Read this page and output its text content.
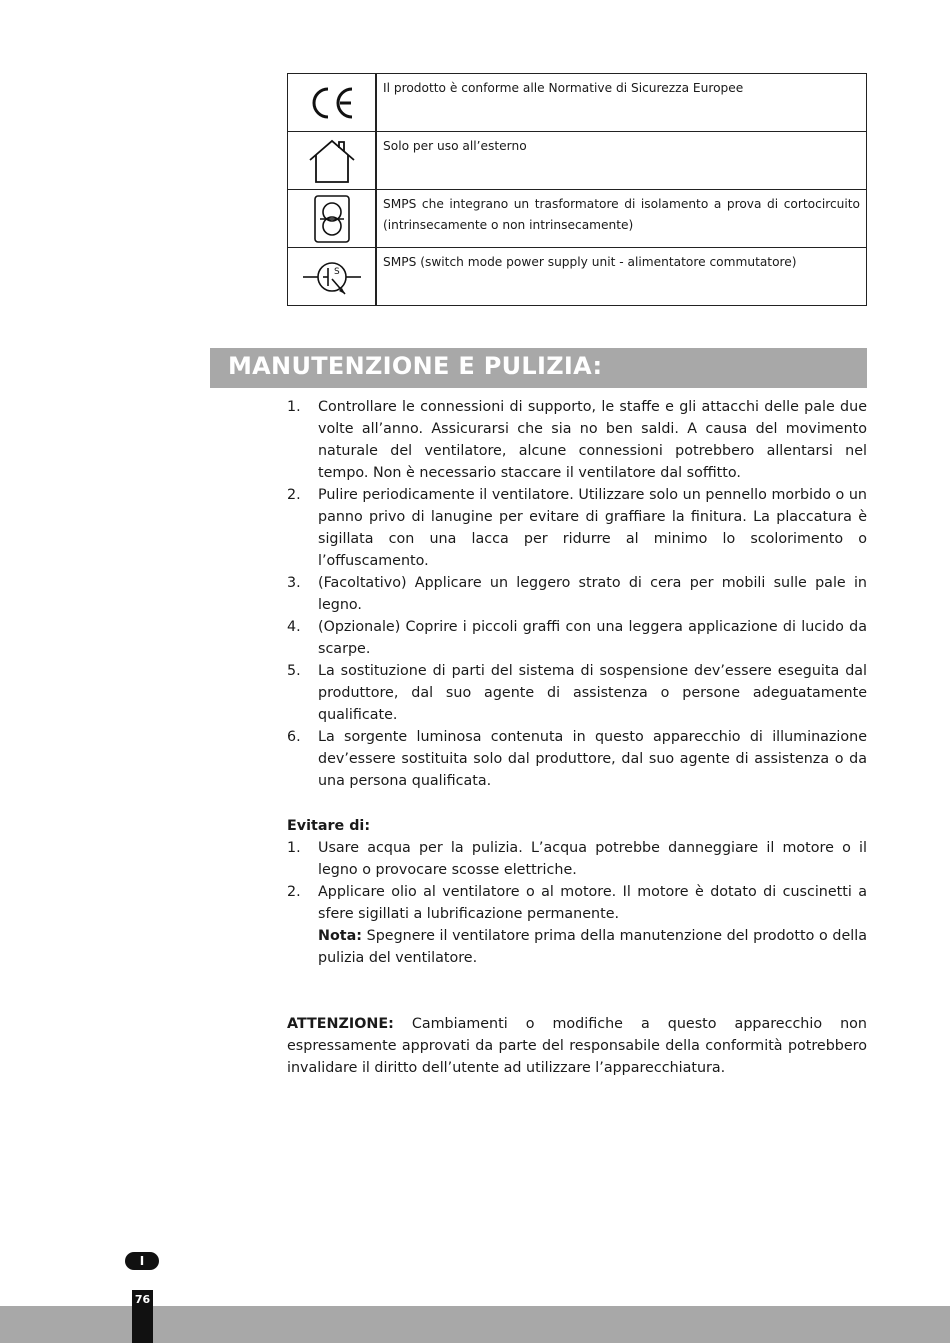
	Il prodotto è conforme alle Normative di Sicurezza Europee

	Solo per uso all’esterno

	SMPS che integrano un trasformatore di isolamento a prova di cortocircuito (intrinsecamente o non intrinsecamente)

S	SMPS (switch mode power supply unit - alimentatore commutatore)
MANUTENZIONE E PULIZIA:
1.	Controllare le connessioni di supporto, le staffe e gli attacchi delle pale due volte all’anno. Assicurarsi che sia no ben saldi. A causa del movimento naturale del ventilatore, alcune connessioni potrebbero allentarsi nel tempo. Non è necessario staccare il ventilatore dal soffitto.
2.	Pulire periodicamente il ventilatore. Utilizzare solo un pennello morbido o un panno privo di lanugine per evitare di graffiare la finitura. La placcatura è sigillata con una lacca per ridurre al minimo lo scolorimento o l’offuscamento.
3.	(Facoltativo) Applicare un leggero strato di cera per mobili sulle pale in legno.
4.	(Opzionale) Coprire i piccoli graffi con una leggera applicazione di lucido da scarpe.
5.	La sostituzione di parti del sistema di sospensione dev’essere eseguita dal produttore, dal suo agente di assistenza o persone adeguatamente qualificate.
6.	La sorgente luminosa contenuta in questo apparecchio di illuminazione dev’essere sostituita solo dal produttore, dal suo agente di assistenza o da una persona qualificata.
Evitare di:
1.	Usare acqua per la pulizia. L’acqua potrebbe danneggiare il motore o il legno o provocare scosse elettriche.
2.	Applicare olio al ventilatore o al motore. Il motore è dotato di cuscinetti a sfere sigillati a lubrificazione permanente.
Nota: Spegnere il ventilatore prima della manutenzione del prodotto o della pulizia del ventilatore.
ATTENZIONE: Cambiamenti o modifiche a questo apparecchio non espressamente approvati da parte del responsabile della conformità potrebbero invalidare il diritto dell’utente ad utilizzare l’apparecchiatura.
I
76
